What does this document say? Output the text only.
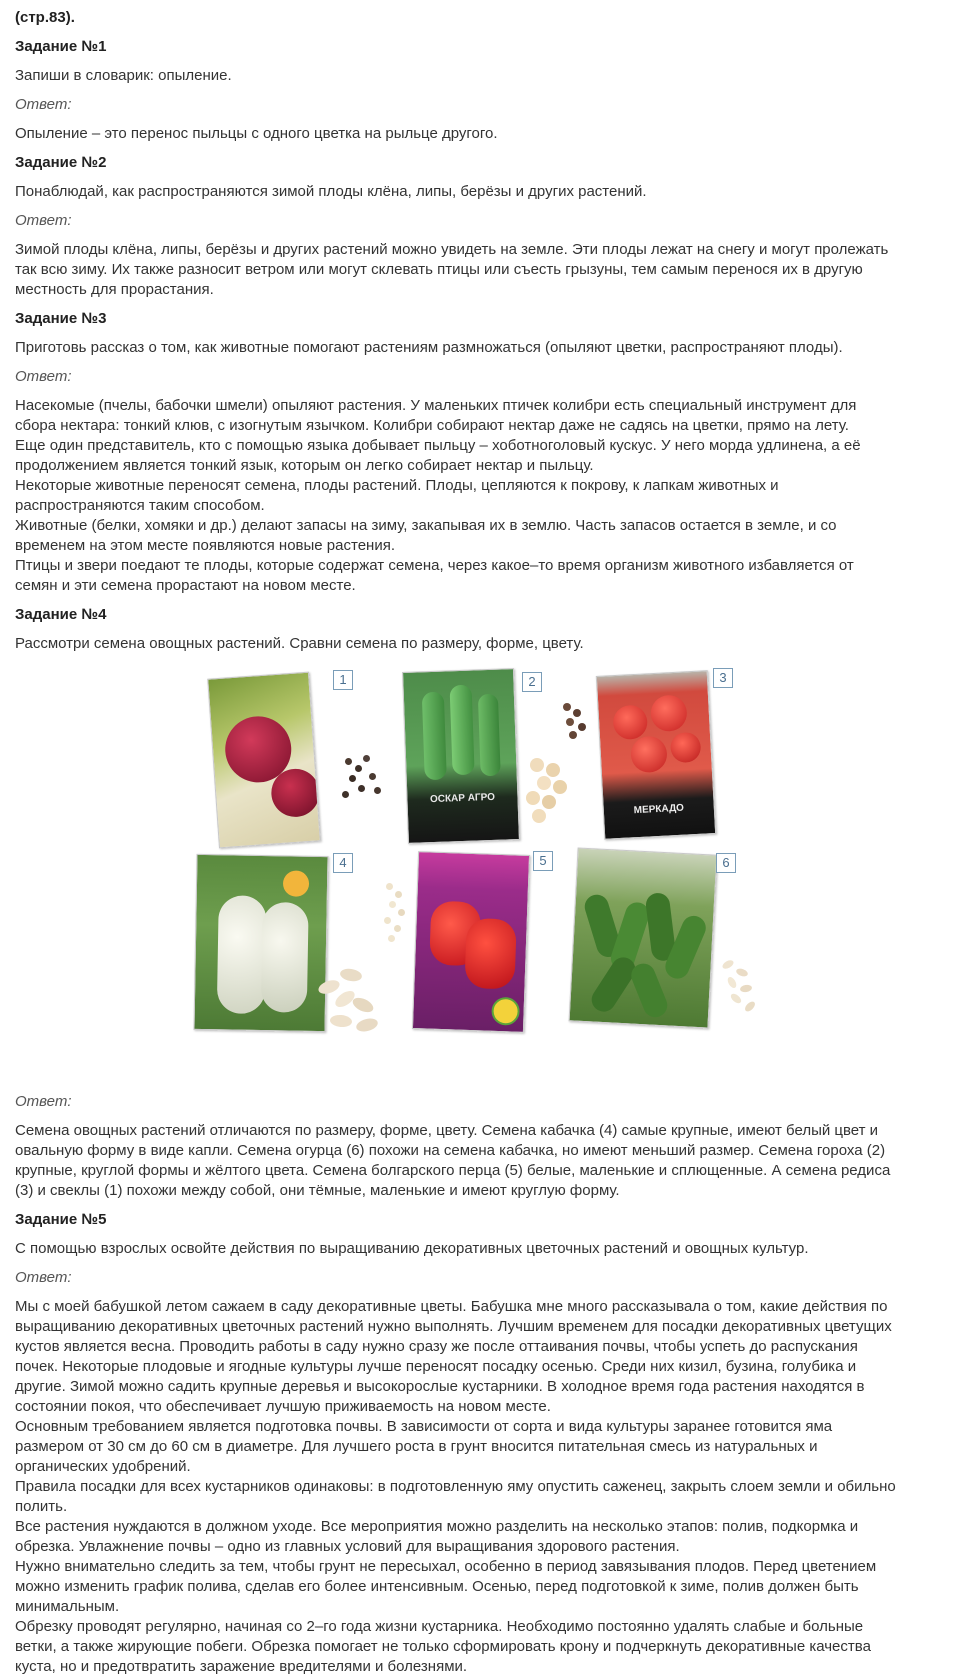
(стр.83).
Задание №1
Запиши в словарик: опыление.
Ответ:
Опыление – это перенос пыльцы с одного цветка на рыльце другого.
Задание №2
Понаблюдай, как распространяются зимой плоды клёна, липы, берёзы и других растений.
Ответ:
Зимой плоды клёна, липы, берёзы и других растений можно увидеть на земле. Эти плоды лежат на снегу и могут пролежать
так всю зиму. Их также разносит ветром или могут склевать птицы или съесть грызуны, тем самым перенося их в другую
местность для прорастания.
Задание №3
Приготовь рассказ о том, как животные помогают растениям размножаться (опыляют цветки, распространяют плоды).
Ответ:
Насекомые (пчелы, бабочки шмели) опыляют растения. У маленьких птичек колибри есть специальный инструмент для
сбора нектара: тонкий клюв, с изогнутым язычком. Колибри собирают нектар даже не садясь на цветки, прямо на лету.
Еще один представитель, кто с помощью языка добывает пыльцу – хоботноголовый кускус. У него морда удлинена, а её
продолжением является тонкий язык, которым он легко собирает нектар и пыльцу.
Некоторые животные переносят семена, плоды растений. Плоды, цепляются к покрову, к лапкам животных и
распространяются таким способом.
Животные (белки, хомяки и др.) делают запасы на зиму, закапывая их в землю. Часть запасов остается в земле, и со
временем на этом месте появляются новые растения.
Птицы и звери поедают те плоды, которые содержат семена, через какое–то время организм животного избавляется от
семян и эти семена прорастают на новом месте.
Задание №4
Рассмотри семена овощных растений. Сравни семена по размеру, форме, цвету.
1
ОСКАР АГРО
2
МЕРКАДО
3
4	5	6
Ответ:
Семена овощных растений отличаются по размеру, форме, цвету. Семена кабачка (4) самые крупные, имеют белый цвет и
овальную форму в виде капли. Семена огурца (6) похожи на семена кабачка, но имеют меньший размер. Семена гороха (2)
крупные, круглой формы и жёлтого цвета. Семена болгарского перца (5) белые, маленькие и сплющенные. А семена редиса
(3) и свеклы (1) похожи между собой, они тёмные, маленькие и имеют круглую форму.
Задание №5
С помощью взрослых освойте действия по выращиванию декоративных цветочных растений и овощных культур.
Ответ:
Мы с моей бабушкой летом сажаем в саду декоративные цветы. Бабушка мне много рассказывала о том, какие действия по
выращиванию декоративных цветочных растений нужно выполнять. Лучшим временем для посадки декоративных цветущих
кустов является весна. Проводить работы в саду нужно сразу же после оттаивания почвы, чтобы успеть до распускания
почек. Некоторые плодовые и ягодные культуры лучше переносят посадку осенью. Среди них кизил, бузина, голубика и
другие. Зимой можно садить крупные деревья и высокорослые кустарники. В холодное время года растения находятся в
состоянии покоя, что обеспечивает лучшую приживаемость на новом месте.
Основным требованием является подготовка почвы. В зависимости от сорта и вида культуры заранее готовится яма
размером от 30 см до 60 см в диаметре. Для лучшего роста в грунт вносится питательная смесь из натуральных и
органических удобрений.
Правила посадки для всех кустарников одинаковы: в подготовленную яму опустить саженец, закрыть слоем земли и обильно
полить.
Все растения нуждаются в должном уходе. Все мероприятия можно разделить на несколько этапов: полив, подкормка и
обрезка. Увлажнение почвы – одно из главных условий для выращивания здорового растения.
Нужно внимательно следить за тем, чтобы грунт не пересыхал, особенно в период завязывания плодов. Перед цветением
можно изменить график полива, сделав его более интенсивным. Осенью, перед подготовкой к зиме, полив должен быть
минимальным.
Обрезку проводят регулярно, начиная со 2–го года жизни кустарника. Необходимо постоянно удалять слабые и больные
ветки, а также жирующие побеги. Обрезка помогает не только сформировать крону и подчеркнуть декоративные качества
куста, но и предотвратить заражение вредителями и болезнями.
